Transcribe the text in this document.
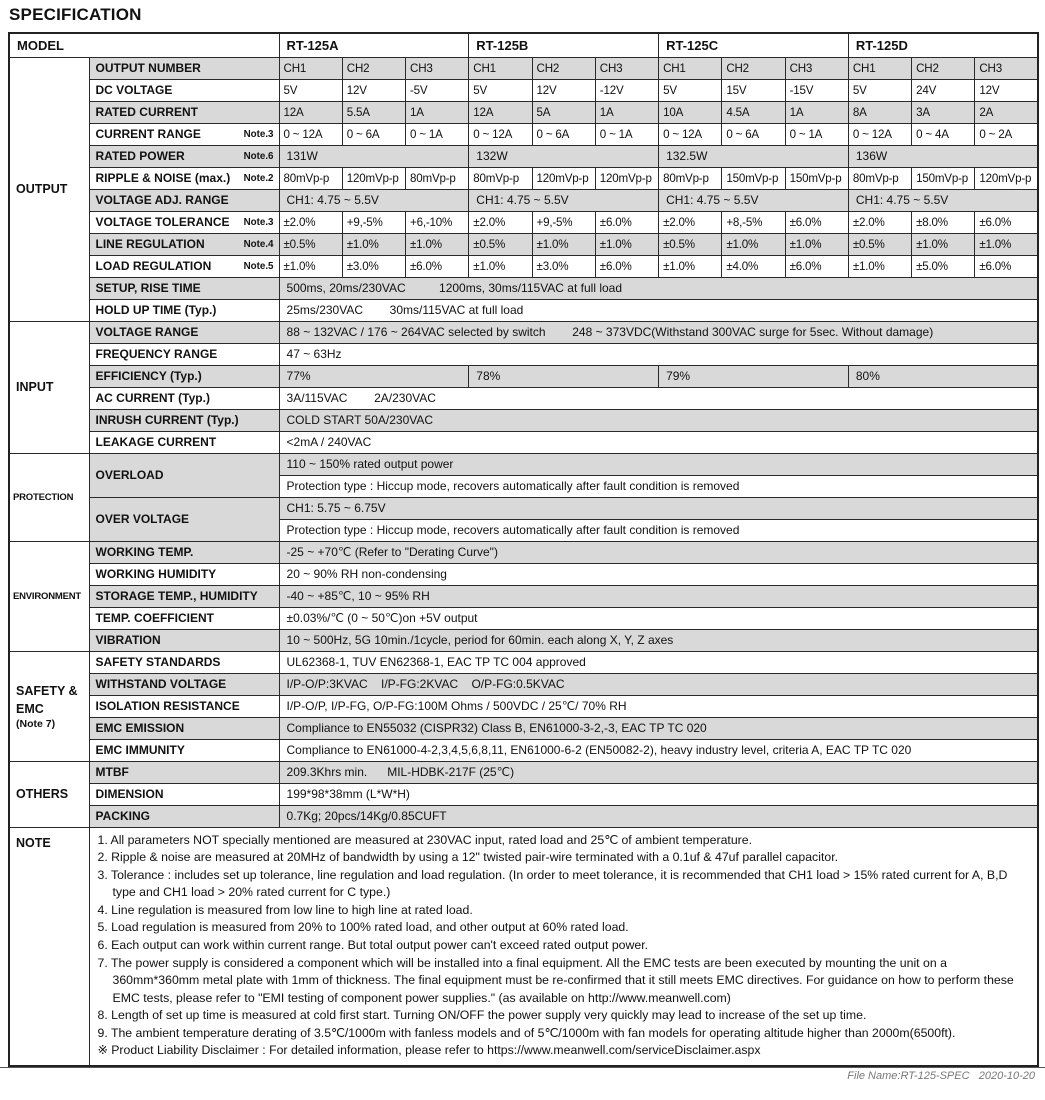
SPECIFICATION
MODEL		RT-125A			RT-125B			RT-125C			RT-125D		
OUTPUT	OUTPUT NUMBER	CH1	CH2	CH3	CH1	CH2	CH3	CH1	CH2	CH3	CH1	CH2	CH3
	DC VOLTAGE	5V	12V	-5V	5V	12V	-12V	5V	15V	-15V	5V	24V	12V
	RATED CURRENT	12A	5.5A	1A	12A	5A	1A	10A	4.5A	1A	8A	3A	2A

	CURRENT RANGE Note.3	0 ~ 12A	0 ~ 6A	0 ~ 1A	0 ~ 12A	0 ~ 6A	0 ~ 1A	0 ~ 12A	0 ~ 6A	0 ~ 1A	0 ~ 12A	0 ~ 4A	0 ~ 2A

	RATED POWER Note.6	131W			132W			132.5W			136W		

	RIPPLE & NOISE (max.) Note.2	80mVp-p	120mVp-p	80mVp-p	80mVp-p	120mVp-p	120mVp-p	80mVp-p	150mVp-p	150mVp-p	80mVp-p	150mVp-p	120mVp-p
	VOLTAGE ADJ. RANGE	CH1: 4.75 ~ 5.5V			CH1: 4.75 ~ 5.5V			CH1: 4.75 ~ 5.5V			CH1: 4.75 ~ 5.5V		

	VOLTAGE TOLERANCE Note.3	±2.0%	+9,-5%	+6,-10%	±2.0%	+9,-5%	±6.0%	±2.0%	+8,-5%	±6.0%	±2.0%	±8.0%	±6.0%

	LINE REGULATION Note.4	±0.5%	±1.0%	±1.0%	±0.5%	±1.0%	±1.0%	±0.5%	±1.0%	±1.0%	±0.5%	±1.0%	±1.0%

	LOAD REGULATION Note.5	±1.0%	±3.0%	±6.0%	±1.0%	±3.0%	±6.0%	±1.0%	±4.0%	±6.0%	±1.0%	±5.0%	±6.0%
	SETUP, RISE TIME	500ms, 20ms/230VAC          1200ms, 30ms/115VAC at full load											
	HOLD UP TIME (Typ.)	25ms/230VAC        30ms/115VAC at full load											
INPUT	VOLTAGE RANGE	88 ~ 132VAC / 176 ~ 264VAC selected by switch        248 ~ 373VDC(Withstand 300VAC surge for 5sec. Without damage)											
	FREQUENCY RANGE	47 ~ 63Hz											
	EFFICIENCY (Typ.)	77%			78%			79%			80%		
	AC CURRENT (Typ.)	3A/115VAC        2A/230VAC											
	INRUSH CURRENT (Typ.)	COLD START 50A/230VAC											
	LEAKAGE CURRENT	<2mA / 240VAC											
PROTECTION	OVERLOAD	110 ~ 150% rated output power											
		Protection type : Hiccup mode, recovers automatically after fault condition is removed											
	OVER VOLTAGE	CH1: 5.75 ~ 6.75V											
		Protection type : Hiccup mode, recovers automatically after fault condition is removed											
ENVIRONMENT	WORKING TEMP.	-25 ~ +70℃ (Refer to "Derating Curve")											
	WORKING HUMIDITY	20 ~ 90% RH non-condensing											
	STORAGE TEMP., HUMIDITY	-40 ~ +85℃, 10 ~ 95% RH											
	TEMP. COEFFICIENT	±0.03%/℃ (0 ~ 50℃)on +5V output											
	VIBRATION	10 ~ 500Hz, 5G 10min./1cycle, period for 60min. each along X, Y, Z axes											

SAFETY &
EMC
(Note 7)	SAFETY STANDARDS	UL62368-1, TUV EN62368-1, EAC TP TC 004 approved											
	WITHSTAND VOLTAGE	I/P-O/P:3KVAC    I/P-FG:2KVAC    O/P-FG:0.5KVAC											
	ISOLATION RESISTANCE	I/P-O/P, I/P-FG, O/P-FG:100M Ohms / 500VDC / 25℃/ 70% RH											
	EMC EMISSION	Compliance to EN55032 (CISPR32) Class B, EN61000-3-2,-3, EAC TP TC 020											
	EMC IMMUNITY	Compliance to EN61000-4-2,3,4,5,6,8,11, EN61000-6-2 (EN50082-2), heavy industry level, criteria A, EAC TP TC 020											
OTHERS	MTBF	209.3Khrs min.      MIL-HDBK-217F (25℃)											
	DIMENSION	199*98*38mm (L*W*H)											
	PACKING	0.7Kg; 20pcs/14Kg/0.85CUFT											
NOTE	1. All parameters NOT specially mentioned are measured at 230VAC input, rated load and 25℃ of ambient temperature.
2. Ripple & noise are measured at 20MHz of bandwidth by using a 12" twisted pair-wire terminated with a 0.1uf & 47uf parallel capacitor.
3. Tolerance : includes set up tolerance, line regulation and load regulation. (In order to meet tolerance, it is recommended that CH1 load > 15% rated current for A, B,D type and CH1 load > 20% rated current for C type.)
4. Line regulation is measured from low line to high line at rated load.
5. Load regulation is measured from 20% to 100% rated load, and other output at 60% rated load.
6. Each output can work within current range. But total output power can't exceed rated output power.
7. The power supply is considered a component which will be installed into a final equipment. All the EMC tests are been executed by mounting the unit on a 360mm*360mm metal plate with 1mm of thickness. The final equipment must be re-confirmed that it still meets EMC directives. For guidance on how to perform these EMC tests, please refer to "EMI testing of component power supplies." (as available on http://www.meanwell.com)
8. Length of set up time is measured at cold first start. Turning ON/OFF the power supply very quickly may lead to increase of the set up time.
9. The ambient temperature derating of 3.5℃/1000m with fanless models and of 5℃/1000m with fan models for operating altitude higher than 2000m(6500ft).
※ Product Liability Disclaimer : For detailed information, please refer to https://www.meanwell.com/serviceDisclaimer.aspx
File Name:RT-125-SPEC   2020-10-20
